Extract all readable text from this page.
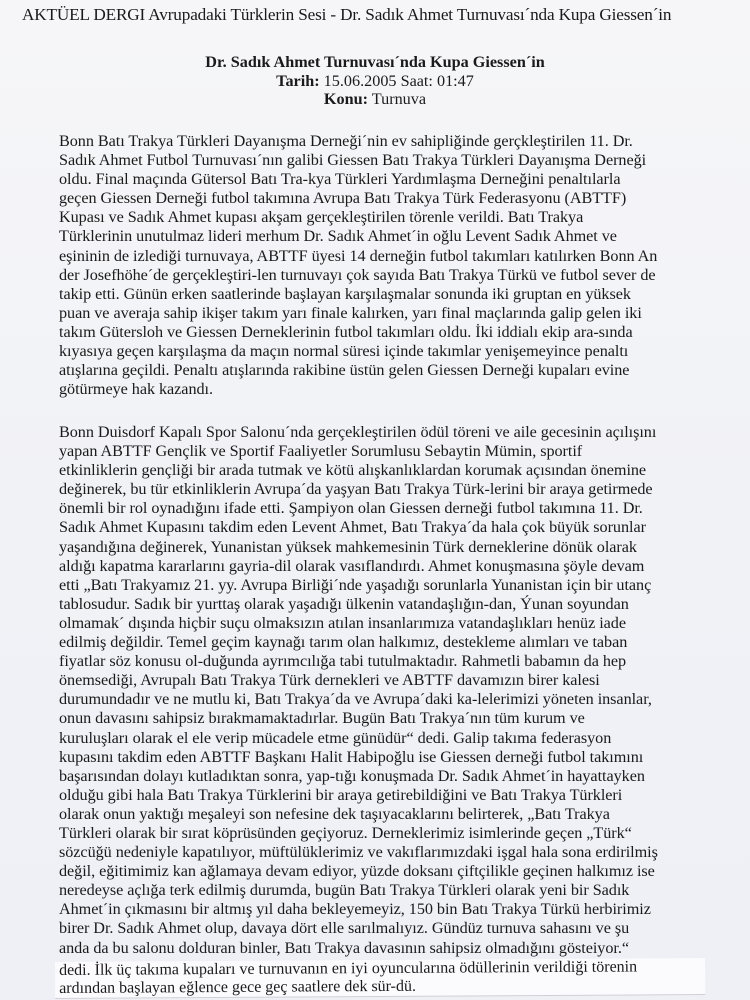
AKTÜEL DERGI Avrupadaki Türklerin Sesi - Dr. Sadık Ahmet Turnuvası´nda Kupa Giessen´in
Dr. Sadık Ahmet Turnuvası´nda Kupa Giessen´in
Tarih: 15.06.2005 Saat: 01:47
Konu: Turnuva
Bonn Batı Trakya Türkleri Dayanışma Derneği´nin ev sahipliğinde gerçkleştirilen 11. Dr.
Sadık Ahmet Futbol Turnuvası´nın galibi Giessen Batı Trakya Türkleri Dayanışma Derneği
oldu. Final maçında Gütersol Batı Tra-kya Türkleri Yardımlaşma Derneğini penaltılarla
geçen Giessen Derneği futbol takımına Avrupa Batı Trakya Türk Federasyonu (ABTTF)
Kupası ve Sadık Ahmet kupası akşam gerçekleştirilen törenle verildi. Batı Trakya
Türklerinin unutulmaz lideri merhum Dr. Sadık Ahmet´in oğlu Levent Sadık Ahmet ve
eşininin de izlediği turnuvaya, ABTTF üyesi 14 derneğin futbol takımları katılırken Bonn An
der Josefhöhe´de gerçekleştiri-len turnuvayı çok sayıda Batı Trakya Türkü ve futbol sever de
takip etti. Günün erken saatlerinde başlayan karşılaşmalar sonunda iki gruptan en yüksek
puan ve averaja sahip ikişer takım yarı finale kalırken, yarı final maçlarında galip gelen iki
takım Gütersloh ve Giessen Derneklerinin futbol takımları oldu. İki iddialı ekip ara-sında
kıyasıya geçen karşılaşma da maçın normal süresi içinde takımlar yenişemeyince penaltı
atışlarına geçildi. Penaltı atışlarında rakibine üstün gelen Giessen Derneği kupaları evine
götürmeye hak kazandı.
Bonn Duisdorf Kapalı Spor Salonu´nda gerçekleştirilen ödül töreni ve aile gecesinin açılışını
yapan ABTTF Gençlik ve Sportif Faaliyetler Sorumlusu Sebaytin Mümin, sportif
etkinliklerin gençliği bir arada tutmak ve kötü alışkanlıklardan korumak açısından önemine
değinerek, bu tür etkinliklerin Avrupa´da yaşyan Batı Trakya Türk-lerini bir araya getirmede
önemli bir rol oynadığını ifade etti. Şampiyon olan Giessen derneği futbol takımına 11. Dr.
Sadık Ahmet Kupasını takdim eden Levent Ahmet, Batı Trakya´da hala çok büyük sorunlar
yaşandığına değinerek, Yunanistan yüksek mahkemesinin Türk derneklerine dönük olarak
aldığı kapatma kararlarını gayria-dil olarak vasıflandırdı. Ahmet konuşmasına şöyle devam
etti „Batı Trakyamız 21. yy. Avrupa Birliği´nde yaşadığı sorunlarla Yunanistan için bir utanç
tablosudur. Sadık bir yurttaş olarak yaşadığı ülkenin vatandaşlığın-dan, Ýunan soyundan
olmamak´ dışında hiçbir suçu olmaksızın atılan insanlarımıza vatandaşlıkları henüz iade
edilmiş değildir. Temel geçim kaynağı tarım olan halkımız, destekleme alımları ve taban
fiyatlar söz konusu ol-duğunda ayrımcılığa tabi tutulmaktadır. Rahmetli babamın da hep
önemsediği, Avrupalı Batı Trakya Türk dernekleri ve ABTTF davamızın birer kalesi
durumundadır ve ne mutlu ki, Batı Trakya´da ve Avrupa´daki ka-lelerimizi yöneten insanlar,
onun davasını sahipsiz bırakmamaktadırlar. Bugün Batı Trakya´nın tüm kurum ve
kuruluşları olarak el ele verip mücadele etme günüdür“ dedi. Galip takıma federasyon
kupasını takdim eden ABTTF Başkanı Halit Habipoğlu ise Giessen derneği futbol takımını
başarısından dolayı kutladıktan sonra, yap-tığı konuşmada Dr. Sadık Ahmet´in hayattayken
olduğu gibi hala Batı Trakya Türklerini bir araya getirebildiğini ve Batı Trakya Türkleri
olarak onun yaktığı meşaleyi son nefesine dek taşıyacaklarını belirterek, „Batı Trakya
Türkleri olarak bir sırat köprüsünden geçiyoruz. Derneklerimiz isimlerinde geçen „Türk“
sözcüğü nedeniyle kapatılıyor, müftülüklerimiz ve vakıflarımızdaki işgal hala sona erdirilmiş
değil, eğitimimiz kan ağlamaya devam ediyor, yüzde doksanı çiftçilikle geçinen halkımız ise
neredeyse açlığa terk edilmiş durumda, bugün Batı Trakya Türkleri olarak yeni bir Sadık
Ahmet´in çıkmasını bir altmış yıl daha bekleyemeyiz, 150 bin Batı Trakya Türkü herbirimiz
birer Dr. Sadık Ahmet olup, davaya dört elle sarılmalıyız. Gündüz turnuva sahasını ve şu
anda da bu salonu dolduran binler, Batı Trakya davasının sahipsiz olmadığını gösteiyor.“
dedi. İlk üç takıma kupaları ve turnuvanın en iyi oyuncularına ödüllerinin verildiği törenin
ardından başlayan eğlence gece geç saatlere dek sür-dü.
